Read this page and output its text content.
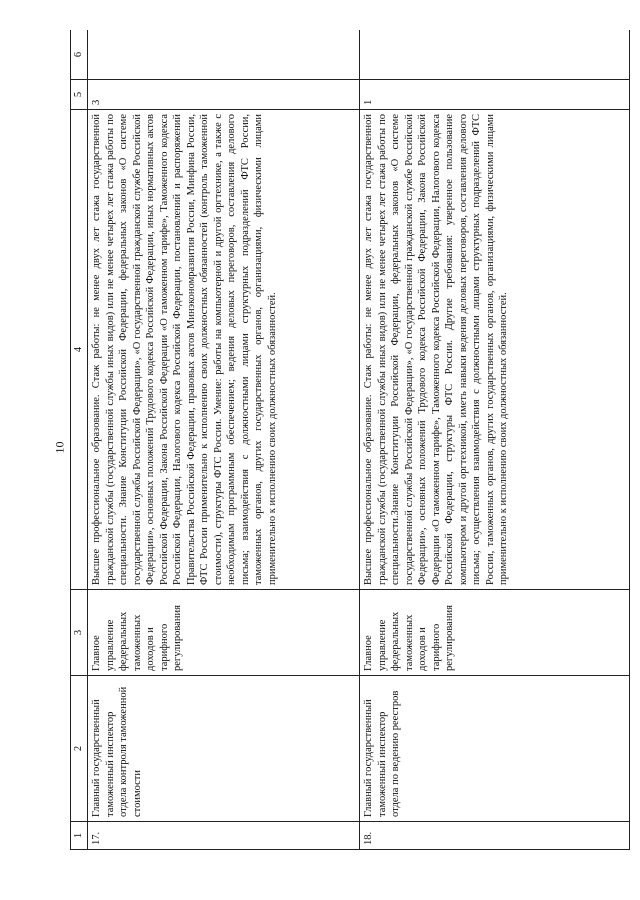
10
1	2	3	4	5	6
17.	Главный государственный таможенный инспектор отдела контроля таможенной стоимости	Главное управление федеральных таможенных доходов и тарифного регулирования	Высшее профессиональное образование. Стаж работы: не менее двух лет стажа государственной гражданской службы (государственной службы иных видов) или не менее четырех лет стажа работы по специальности. Знание Конституции Российской Федерации, федеральных законов «О системе государственной службы Российской Федерации», «О государственной гражданской службе Российской Федерации», основных положений Трудового кодекса Российской Федерации, иных нормативных актов Российской Федерации, Закона Российской Федерации «О таможенном тарифе», Таможенного кодекса Российской Федерации, Налогового кодекса Российской Федерации, постановлений и распоряжений Правительства Российской Федерации, правовых актов Минэкономразвития России, Минфина России, ФТС России применительно к исполнению своих должностных обязанностей (контроль таможенной стоимости), структуры ФТС России. Умение: работы на компьютерной и другой оргтехнике, а также с необходимым программным обеспечением; ведения деловых переговоров, составления делового письма; взаимодействия с должностными лицами структурных подразделений ФТС России, таможенных органов, других государственных органов, организациями, физическими лицами применительно к исполнению своих должностных обязанностей.	3	
18.	Главный государственный таможенный инспектор отдела по ведению реестров	Главное управление федеральных таможенных доходов и тарифного регулирования	Высшее профессиональное образование. Стаж работы: не менее двух лет стажа государственной гражданской службы (государственной службы иных видов) или не менее четырех лет стажа работы по специальности.Знание Конституции Российской Федерации, федеральных законов «О системе государственной службы Российской Федерации», «О государственной гражданской службе Российской Федерации», основных положений Трудового кодекса Российской Федерации, Закона Российской Федерации «О таможенном тарифе», Таможенного кодекса Российской Федерации, Налогового кодекса Российской Федерации, структуры ФТС России. Другие требования: уверенное пользование компьютером и другой оргтехникой, иметь навыки ведения деловых переговоров, составления делового письма; осуществления взаимодействия с должностными лицами структурных подразделений ФТС России, таможенных органов, других государственных органов, организациями, физическими лицами применительно к исполнению своих должностных обязанностей.	1	
